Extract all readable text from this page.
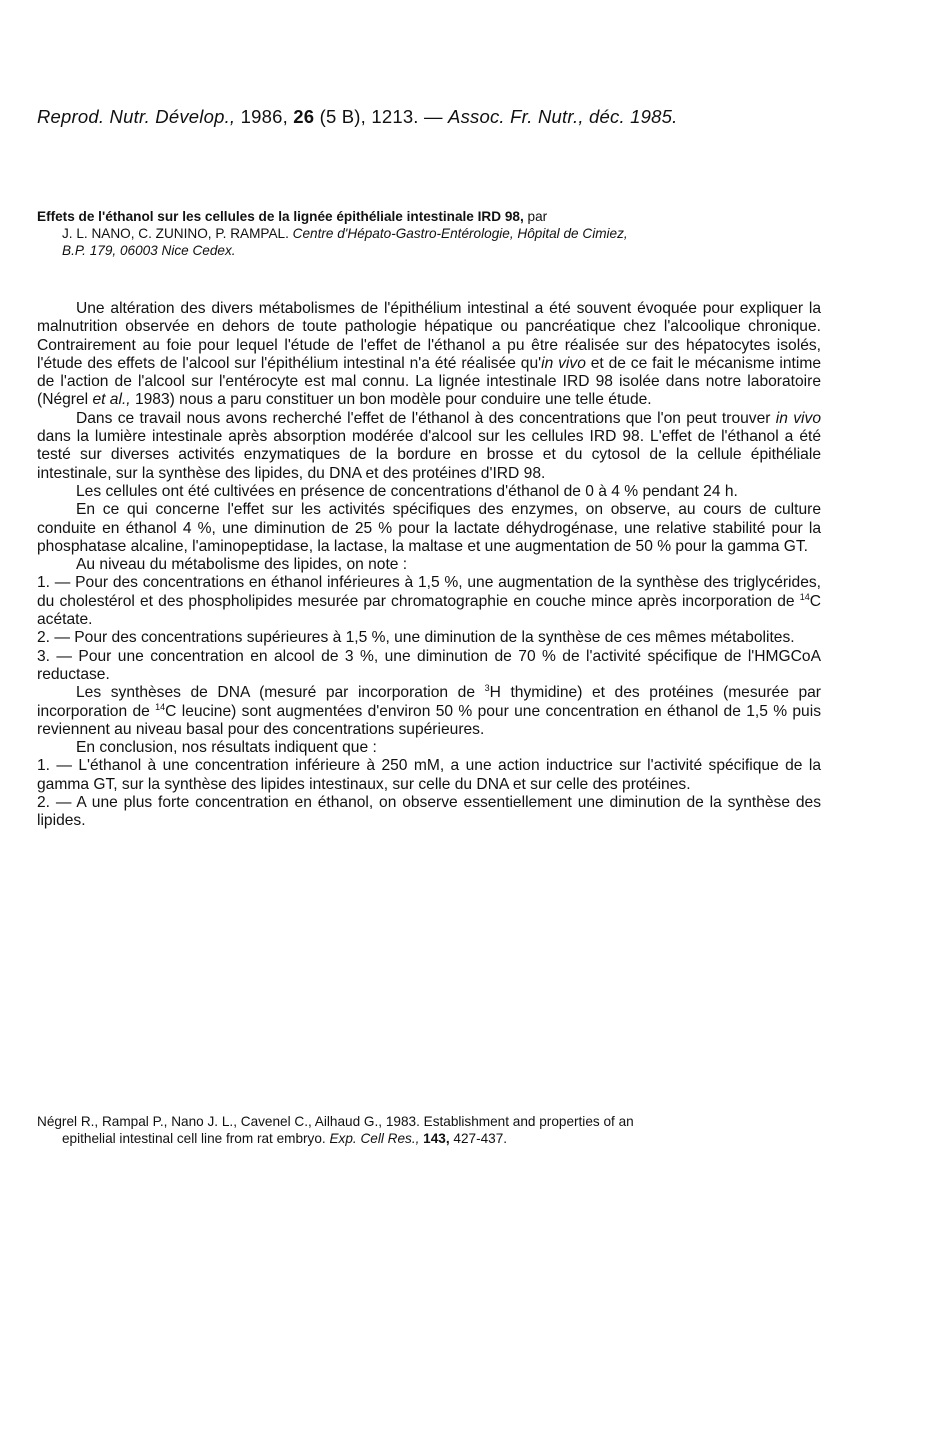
Reprod. Nutr. Dévelop., 1986, 26 (5 B), 1213. — Assoc. Fr. Nutr., déc. 1985.
Effets de l'éthanol sur les cellules de la lignée épithéliale intestinale IRD 98, par
J. L. NANO, C. ZUNINO, P. RAMPAL. Centre d'Hépato-Gastro-Entérologie, Hôpital de Cimiez,
B.P. 179, 06003 Nice Cedex.

Une altération des divers métabolismes de l'épithélium intestinal a été souvent évoquée pour expliquer la malnutrition observée en dehors de toute pathologie hépatique ou pancréatique chez l'alcoolique chronique. Contrairement au foie pour lequel l'étude de l'effet de l'éthanol a pu être réalisée sur des hépatocytes isolés, l'étude des effets de l'alcool sur l'épithélium intestinal n'a été réalisée qu'in vivo et de ce fait le mécanisme intime de l'action de l'alcool sur l'entérocyte est mal connu. La lignée intestinale IRD 98 isolée dans notre laboratoire (Négrel et al., 1983) nous a paru constituer un bon modèle pour conduire une telle étude.

Dans ce travail nous avons recherché l'effet de l'éthanol à des concentrations que l'on peut trouver in vivo dans la lumière intestinale après absorption modérée d'alcool sur les cellules IRD 98. L'effet de l'éthanol a été testé sur diverses activités enzymatiques de la bordure en brosse et du cytosol de la cellule épithéliale intestinale, sur la synthèse des lipides, du DNA et des protéines d'IRD 98.

Les cellules ont été cultivées en présence de concentrations d'éthanol de 0 à 4 % pendant 24 h.

En ce qui concerne l'effet sur les activités spécifiques des enzymes, on observe, au cours de culture conduite en éthanol 4 %, une diminution de 25 % pour la lactate déhydrogénase, une relative stabilité pour la phosphatase alcaline, l'aminopeptidase, la lactase, la maltase et une augmentation de 50 % pour la gamma GT.

Au niveau du métabolisme des lipides, on note :

1. — Pour des concentrations en éthanol inférieures à 1,5 %, une augmentation de la synthèse des triglycérides, du cholestérol et des phospholipides mesurée par chromatographie en couche mince après incorporation de $^{14}$C acétate.

2. — Pour des concentrations supérieures à 1,5 %, une diminution de la synthèse de ces mêmes métabolites.

3. — Pour une concentration en alcool de 3 %, une diminution de 70 % de l'activité spécifique de l'HMGCoA reductase.

Les synthèses de DNA (mesuré par incorporation de $^3$H thymidine) et des protéines (mesurée par incorporation de $^{14}$C leucine) sont augmentées d'environ 50 % pour une concentration en éthanol de 1,5 % puis reviennent au niveau basal pour des concentrations supérieures.

En conclusion, nos résultats indiquent que :

1. — L'éthanol à une concentration inférieure à 250 mM, a une action inductrice sur l'activité spécifique de la gamma GT, sur la synthèse des lipides intestinaux, sur celle du DNA et sur celle des protéines.

2. — A une plus forte concentration en éthanol, on observe essentiellement une diminution de la synthèse des lipides.

Négrel R., Rampal P., Nano J. L., Cavenel C., Ailhaud G., 1983. Establishment and properties of an
epithelial intestinal cell line from rat embryo. Exp. Cell Res., 143, 427-437.
